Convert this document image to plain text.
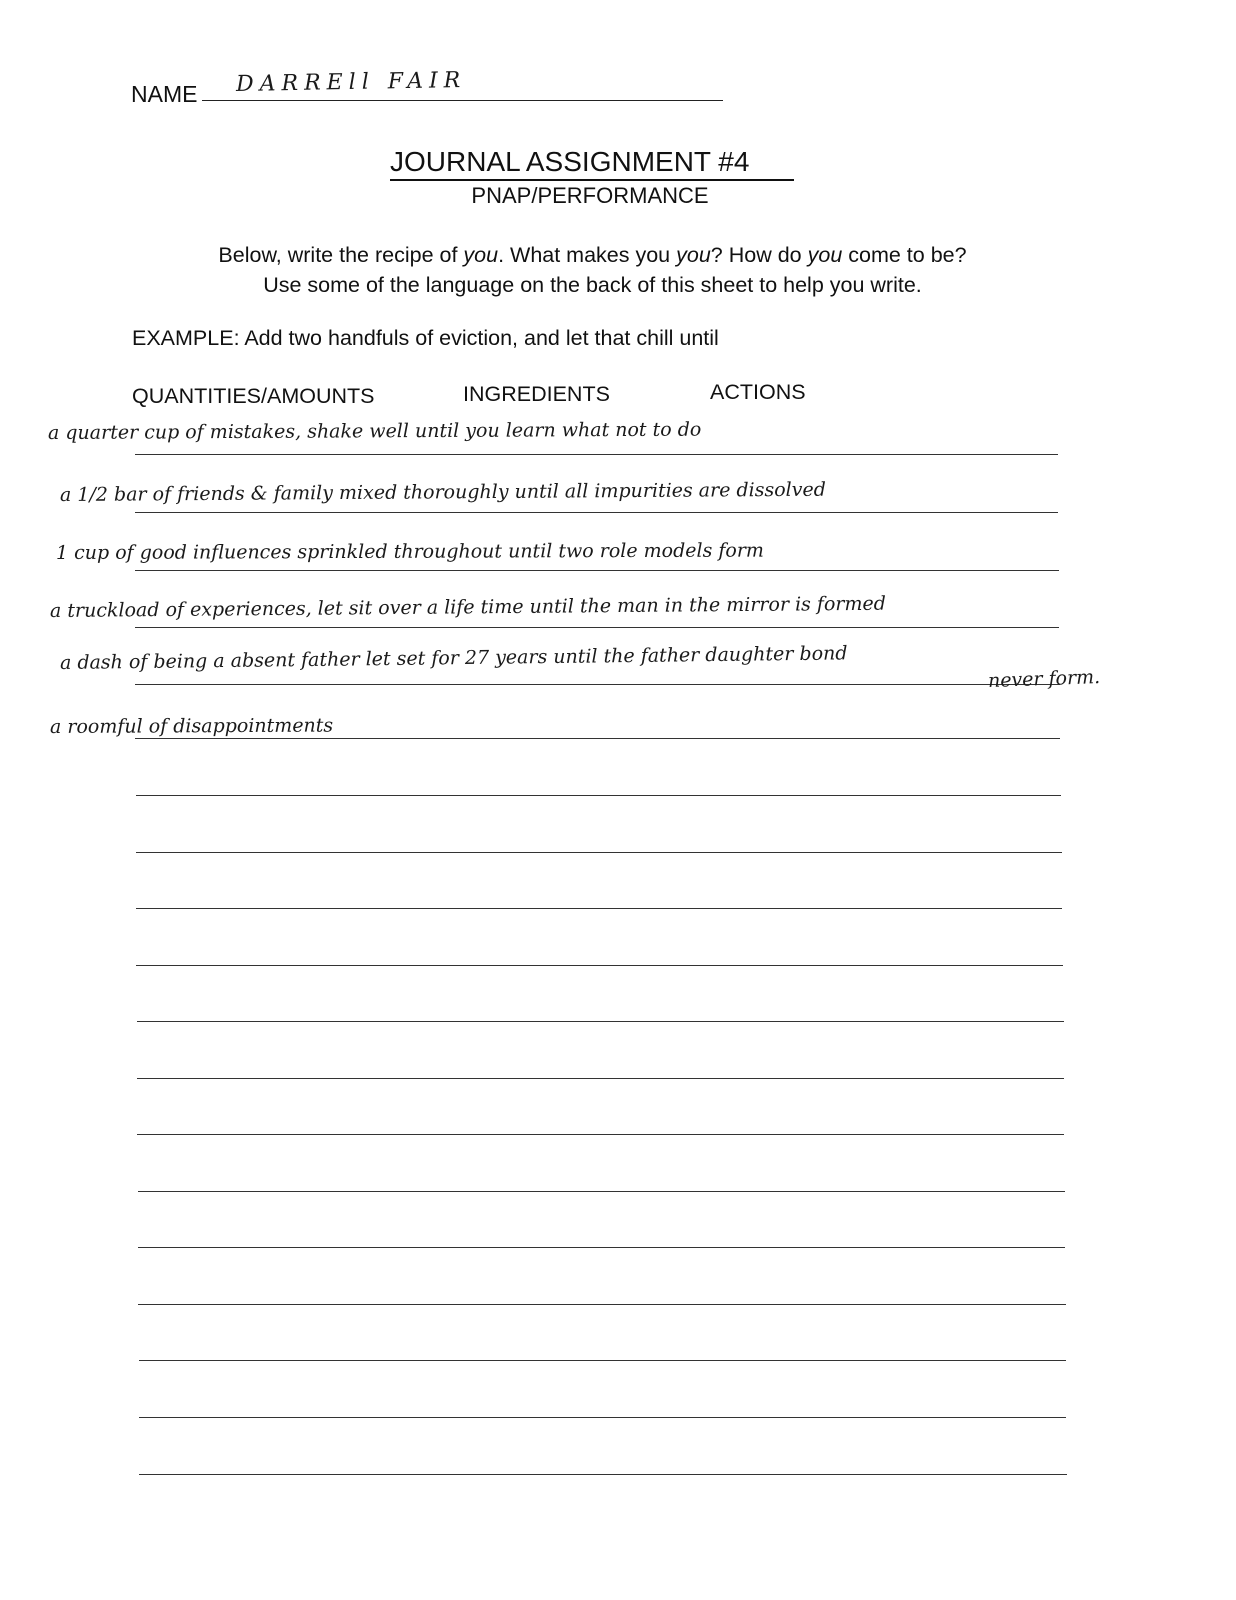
NAME DARREll FAIR
JOURNAL ASSIGNMENT #4
PNAP/PERFORMANCE
Below, write the recipe of you. What makes you you? How do you come to be?
Use some of the language on the back of this sheet to help you write.
EXAMPLE: Add two handfuls of eviction, and let that chill until
QUANTITIES/AMOUNTS	INGREDIENTS	ACTIONS
a quarter cup of mistakes, shake well until you learn what not to do
a 1/2 bar of friends & family mixed thoroughly until all impurities are dissolved
1 cup of good influences sprinkled throughout until two role models form
a truckload of experiences, let sit over a life time until the man in the mirror is formed
a dash of being a absent father let set for 27 years until the father daughter bond
never form.
a roomful of disappointments
